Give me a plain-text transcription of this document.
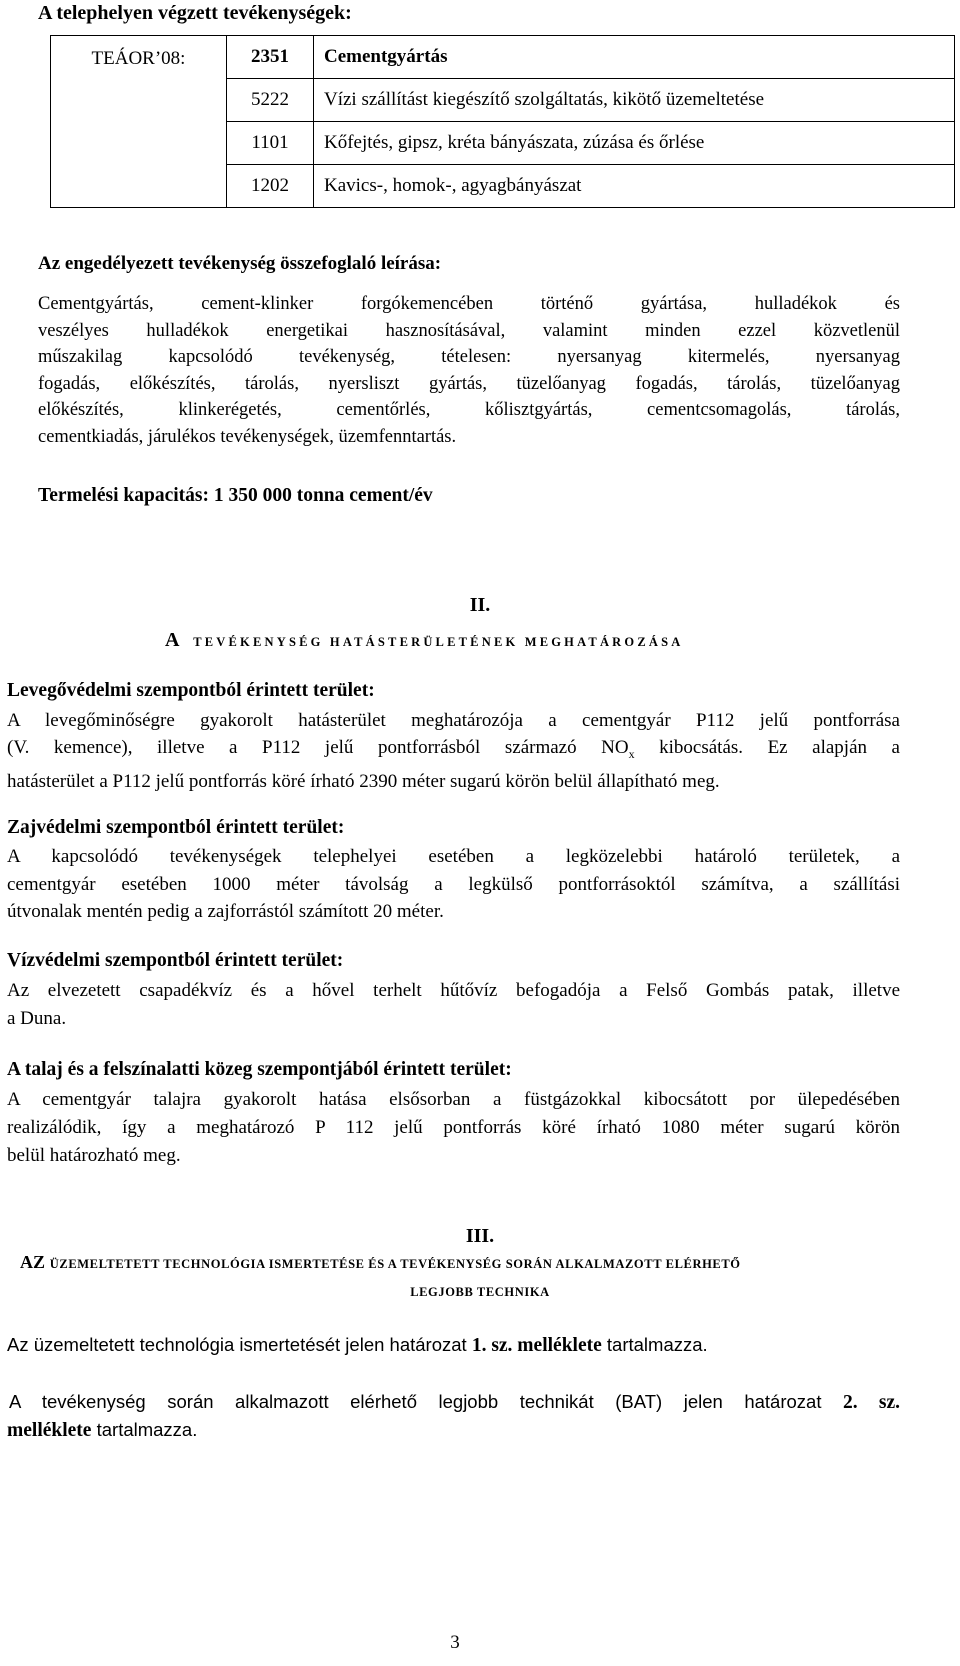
A telephelyen végzett tevékenységek:
TEÁOR’08:	2351	Cementgyártás
	5222	Vízi szállítást kiegészítő szolgáltatás, kikötő üzemeltetése
	1101	Kőfejtés, gipsz, kréta bányászata, zúzása és őrlése
	1202	Kavics-, homok-, agyagbányászat
Az engedélyezett tevékenység összefoglaló leírása:
Cementgyártás, cement-klinker forgókemencében történő gyártása, hulladékok és
veszélyes hulladékok energetikai hasznosításával, valamint minden ezzel közvetlenül
műszakilag kapcsolódó tevékenység, tételesen: nyersanyag kitermelés, nyersanyag
fogadás, előkészítés, tárolás, nyersliszt gyártás, tüzelőanyag fogadás, tárolás, tüzelőanyag
előkészítés, klinkerégetés, cementőrlés, kőlisztgyártás, cementcsomagolás, tárolás,
cementkiadás, járulékos tevékenységek, üzemfenntartás.
Termelési kapacitás: 1 350 000 tonna cement/év
II.
A TEVÉKENYSÉG HATÁSTERÜLETÉNEK MEGHATÁROZÁSA
Levegővédelmi szempontból érintett terület:
A levegőminőségre gyakorolt hatásterület meghatározója a cementgyár P112 jelű pontforrása
(V. kemence), illetve a P112 jelű pontforrásból származó $NO_x$ kibocsátás. Ez alapján a
hatásterület a P112 jelű pontforrás köré írható 2390 méter sugarú körön belül állapítható meg.
Zajvédelmi szempontból érintett terület:
A kapcsolódó tevékenységek telephelyei esetében a legközelebbi határoló területek, a
cementgyár esetében 1000 méter távolság a legkülső pontforrásoktól számítva, a szállítási
útvonalak mentén pedig a zajforrástól számított 20 méter.
Vízvédelmi szempontból érintett terület:
Az elvezetett csapadékvíz és a hővel terhelt hűtővíz befogadója a Felső Gombás patak, illetve
a Duna.
A talaj és a felszínalatti közeg szempontjából érintett terület:
A cementgyár talajra gyakorolt hatása elsősorban a füstgázokkal kibocsátott por ülepedésében
realizálódik, így a meghatározó P 112 jelű pontforrás köré írható 1080 méter sugarú körön
belül határozható meg.
III.
AZ ÜZEMELTETETT TECHNOLÓGIA ISMERTETÉSE ÉS A TEVÉKENYSÉG SORÁN ALKALMAZOTT ELÉRHETŐ
LEGJOBB TECHNIKA
Az üzemeltetett technológia ismertetését jelen határozat 1. sz. melléklete tartalmazza.
A tevékenység során alkalmazott elérhető legjobb technikát (BAT) jelen határozat 2. sz.
melléklete tartalmazza.
3
